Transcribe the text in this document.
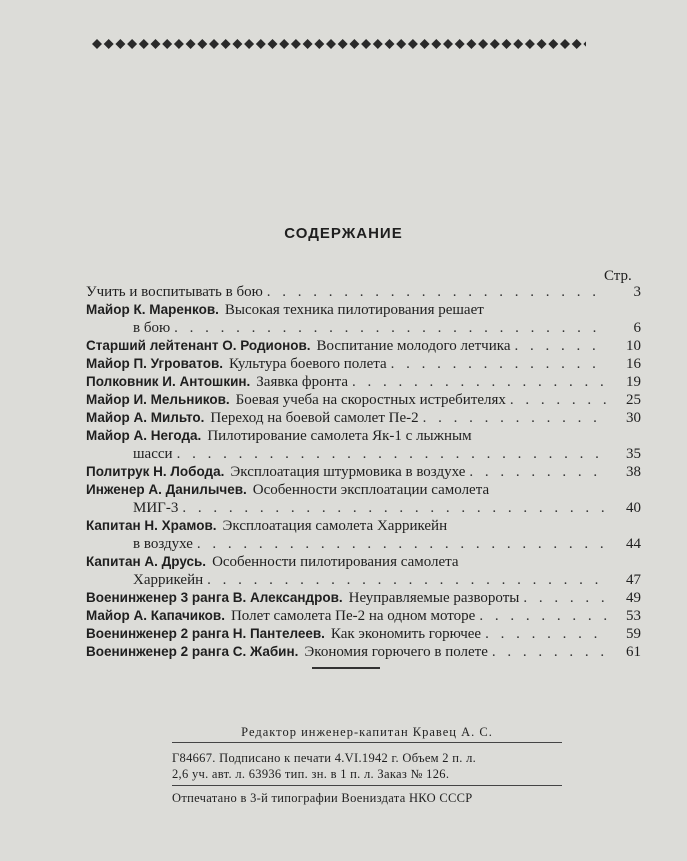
СОДЕРЖАНИЕ
Стр.
Учить и воспитывать в бою . . .	3
Майор К. Маренков. Высокая техника пилотирования решает
в бою . . .	6
Старший лейтенант О. Родионов. Воспитание молодого летчика . . .	10
Майор П. Угроватов. Культура боевого полета . . .	16
Полковник И. Антошкин. Заявка фронта . . .	19
Майор И. Мельников. Боевая учеба на скоростных истребителях . . .	25
Майор А. Мильто. Переход на боевой самолет Пе-2 . . .	30
Майор А. Негода. Пилотирование самолета Як-1 с лыжным
шасси . . .	35
Политрук Н. Лобода. Эксплоатация штурмовика в воздухе . . .	38
Инженер А. Данилычев. Особенности эксплоатации самолета
МИГ-3 . . .	40
Капитан Н. Храмов. Эксплоатация самолета Харрикейн
в воздухе . . .	44
Капитан А. Друсь. Особенности пилотирования самолета
Харрикейн . . .	47
Военинженер 3 ранга В. Александров. Неуправляемые развороты . . .	49
Майор А. Капачиков. Полет самолета Пе-2 на одном моторе . . .	53
Военинженер 2 ранга Н. Пантелеев. Как экономить горючее . . .	59
Военинженер 2 ранга С. Жабин. Экономия горючего в полете . . .	61
Редактор инженер-капитан Кравец А. С.
Г84667. Подписано к печати 4.VI.1942 г. Объем 2 п. л.
2,6 уч. авт. л. 63936 тип. зн. в 1 п. л. Заказ № 126.
Отпечатано в 3-й типографии Воениздата НКО СССР
